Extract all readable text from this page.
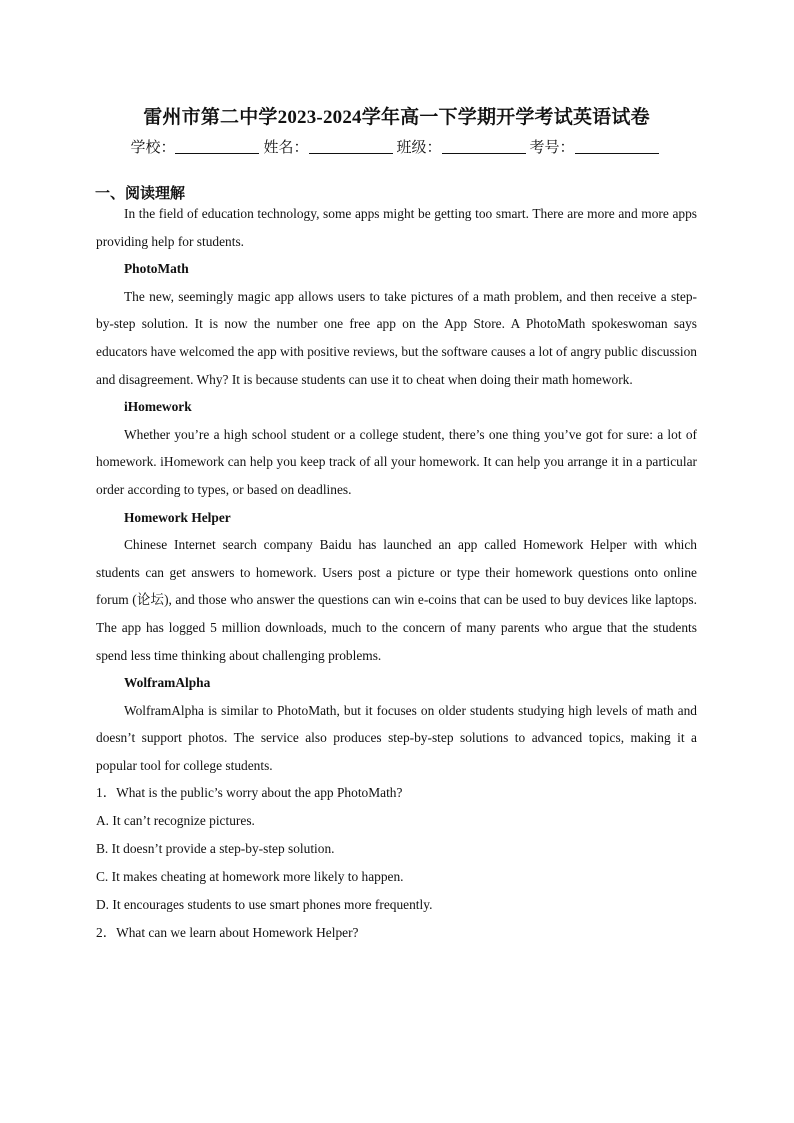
雷州市第二中学2023-2024学年高一下学期开学考试英语试卷
学校：	姓名：	班级：	考号：
一、阅读理解

In the field of education technology, some apps might be getting too smart. There are more and more apps providing help for students.

PhotoMath

The new, seemingly magic app allows users to take pictures of a math problem, and then receive a step-by-step solution. It is now the number one free app on the App Store. A PhotoMath spokeswoman says educators have welcomed the app with positive reviews, but the software causes a lot of angry public discussion and disagreement. Why? It is because students can use it to cheat when doing their math homework.

iHomework

Whether you’re a high school student or a college student, there’s one thing you’ve got for sure: a lot of homework. iHomework can help you keep track of all your homework. It can help you arrange it in a particular order according to types, or based on deadlines.

Homework Helper

Chinese Internet search company Baidu has launched an app called Homework Helper with which students can get answers to homework. Users post a picture or type their homework questions onto online forum (论坛), and those who answer the questions can win e-coins that can be used to buy devices like laptops. The app has logged 5 million downloads, much to the concern of many parents who argue that the students spend less time thinking about challenging problems.

WolframAlpha

WolframAlpha is similar to PhotoMath, but it focuses on older students studying high levels of math and doesn’t support photos. The service also produces step-by-step solutions to advanced topics, making it a popular tool for college students.

1．What is the public’s worry about the app PhotoMath?

A. It can’t recognize pictures.

B. It doesn’t provide a step-by-step solution.

C. It makes cheating at homework more likely to happen.

D. It encourages students to use smart phones more frequently.

2．What can we learn about Homework Helper?
